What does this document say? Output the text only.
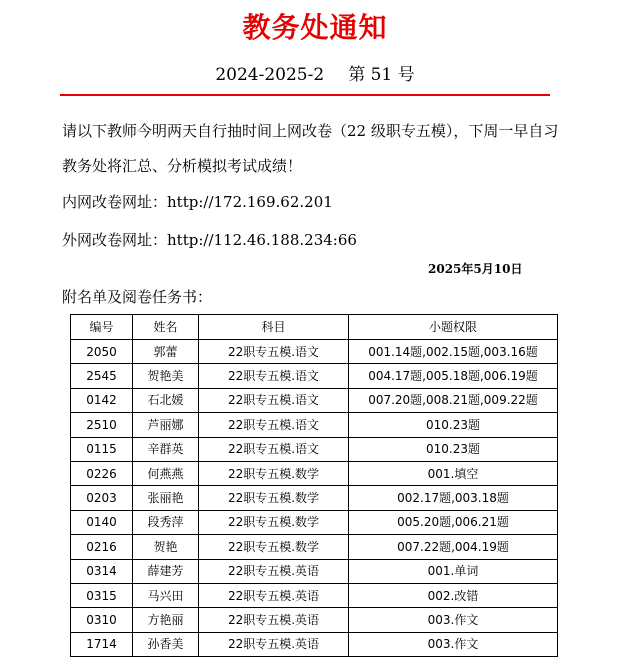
教务处通知
2024-2025-2 第 51 号
请以下教师今明两天自行抽时间上网改卷（22 级职专五模），下周一早自习
教务处将汇总、分析模拟考试成绩！
内网改卷网址：http://172.169.62.201
外网改卷网址：http://112.46.188.234:66
2025年5月10日
附名单及阅卷任务书：
编号	姓名	科目	小题权限
2050	郭蕾	22职专五模.语文	001.14题,002.15题,003.16题
2545	贺艳美	22职专五模.语文	004.17题,005.18题,006.19题
0142	石北媛	22职专五模.语文	007.20题,008.21题,009.22题
2510	芦丽娜	22职专五模.语文	010.23题
0115	辛群英	22职专五模.语文	010.23题
0226	何燕燕	22职专五模.数学	001.填空
0203	张丽艳	22职专五模.数学	002.17题,003.18题
0140	段秀萍	22职专五模.数学	005.20题,006.21题
0216	贺艳	22职专五模.数学	007.22题,004.19题
0314	薛建芳	22职专五模.英语	001.单词
0315	马兴田	22职专五模.英语	002.改错
0310	方艳丽	22职专五模.英语	003.作文
1714	孙香美	22职专五模.英语	003.作文
